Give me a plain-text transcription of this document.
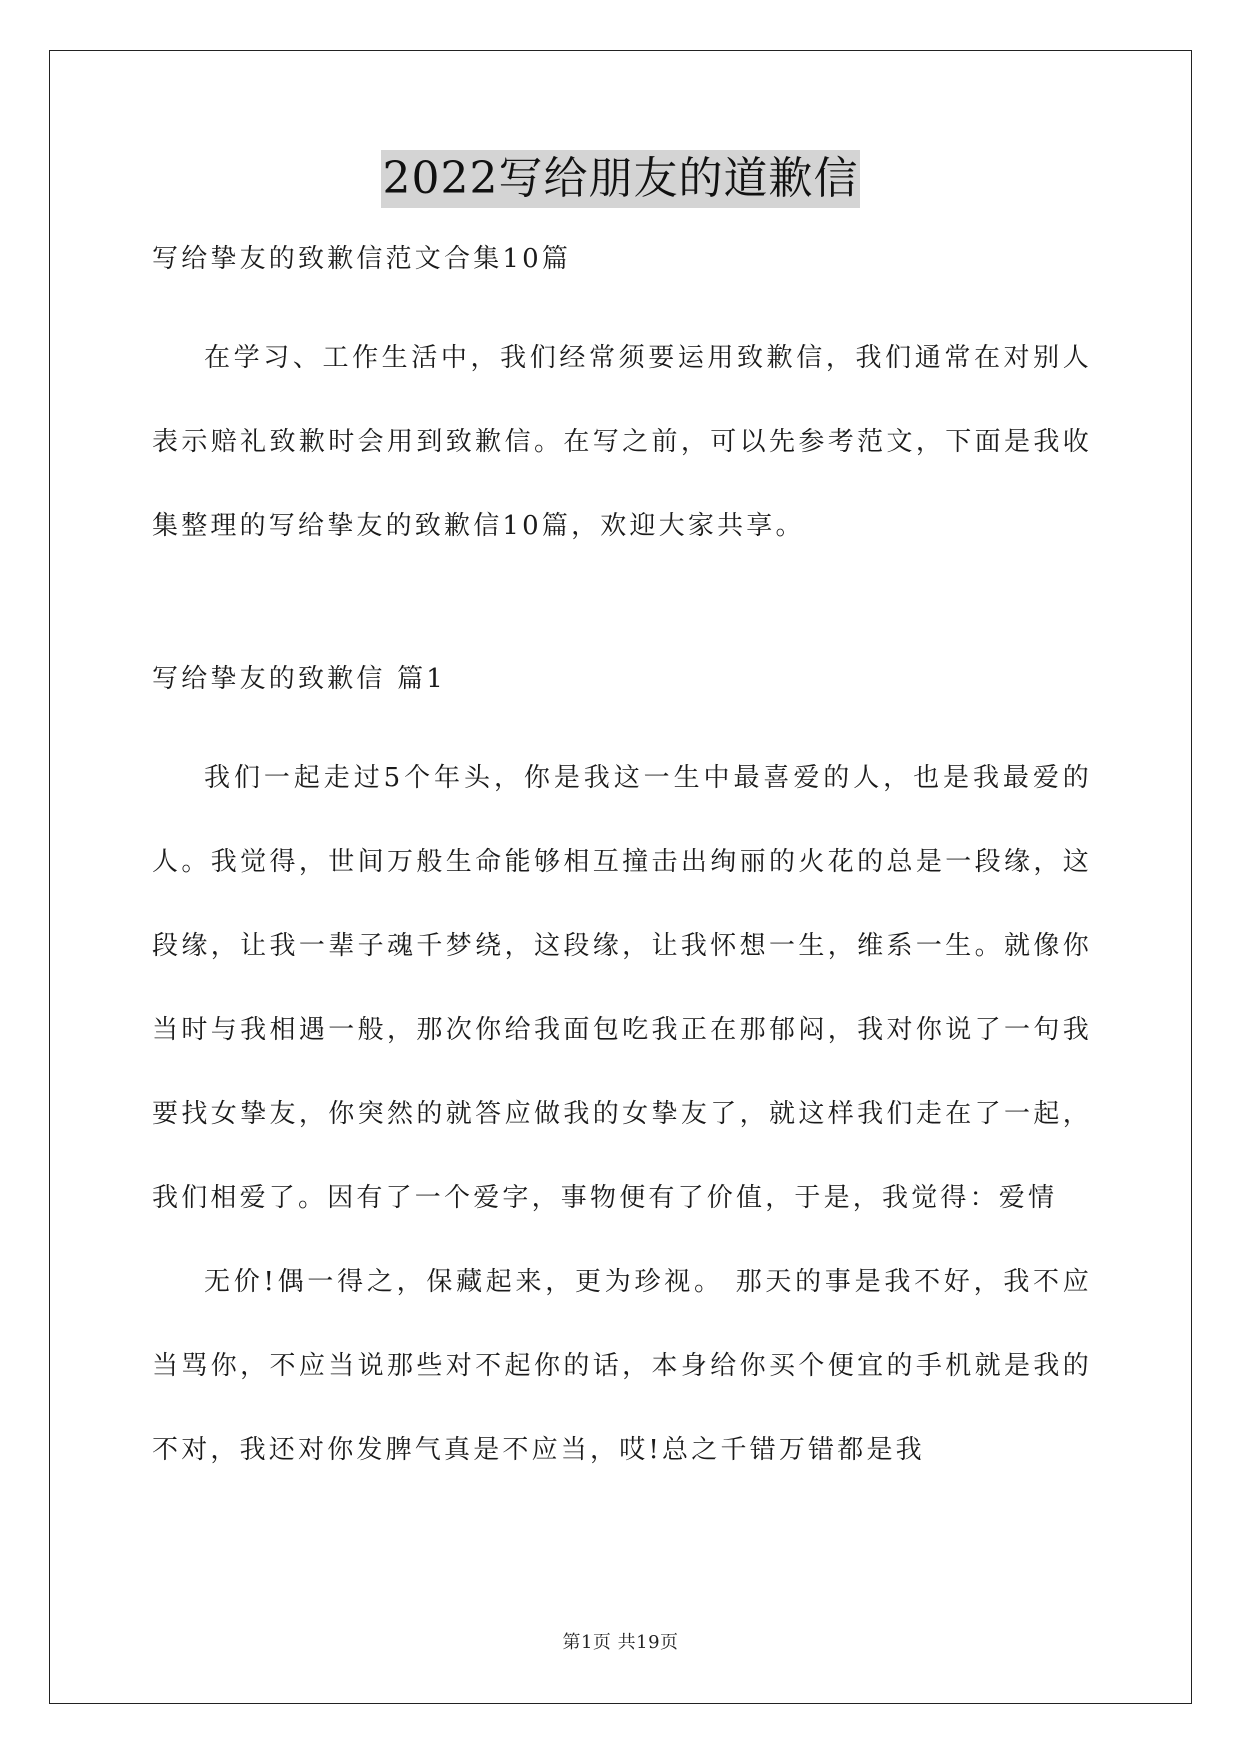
2022写给朋友的道歉信
写给挚友的致歉信范文合集10篇

在学习、工作生活中，我们经常须要运用致歉信，我们通常在对别人表示赔礼致歉时会用到致歉信。在写之前，可以先参考范文，下面是我收集整理的写给挚友的致歉信10篇，欢迎大家共享。

写给挚友的致歉信 篇1

我们一起走过5个年头，你是我这一生中最喜爱的人，也是我最爱的人。我觉得，世间万般生命能够相互撞击出绚丽的火花的总是一段缘，这段缘，让我一辈子魂千梦绕，这段缘，让我怀想一生，维系一生。就像你当时与我相遇一般，那次你给我面包吃我正在那郁闷，我对你说了一句我要找女挚友，你突然的就答应做我的女挚友了，就这样我们走在了一起，我们相爱了。因有了一个爱字，事物便有了价值，于是，我觉得：爱情

无价!偶一得之，保藏起来，更为珍视。 那天的事是我不好，我不应当骂你，不应当说那些对不起你的话，本身给你买个便宜的手机就是我的不对，我还对你发脾气真是不应当，哎!总之千错万错都是我

第1页 共19页
